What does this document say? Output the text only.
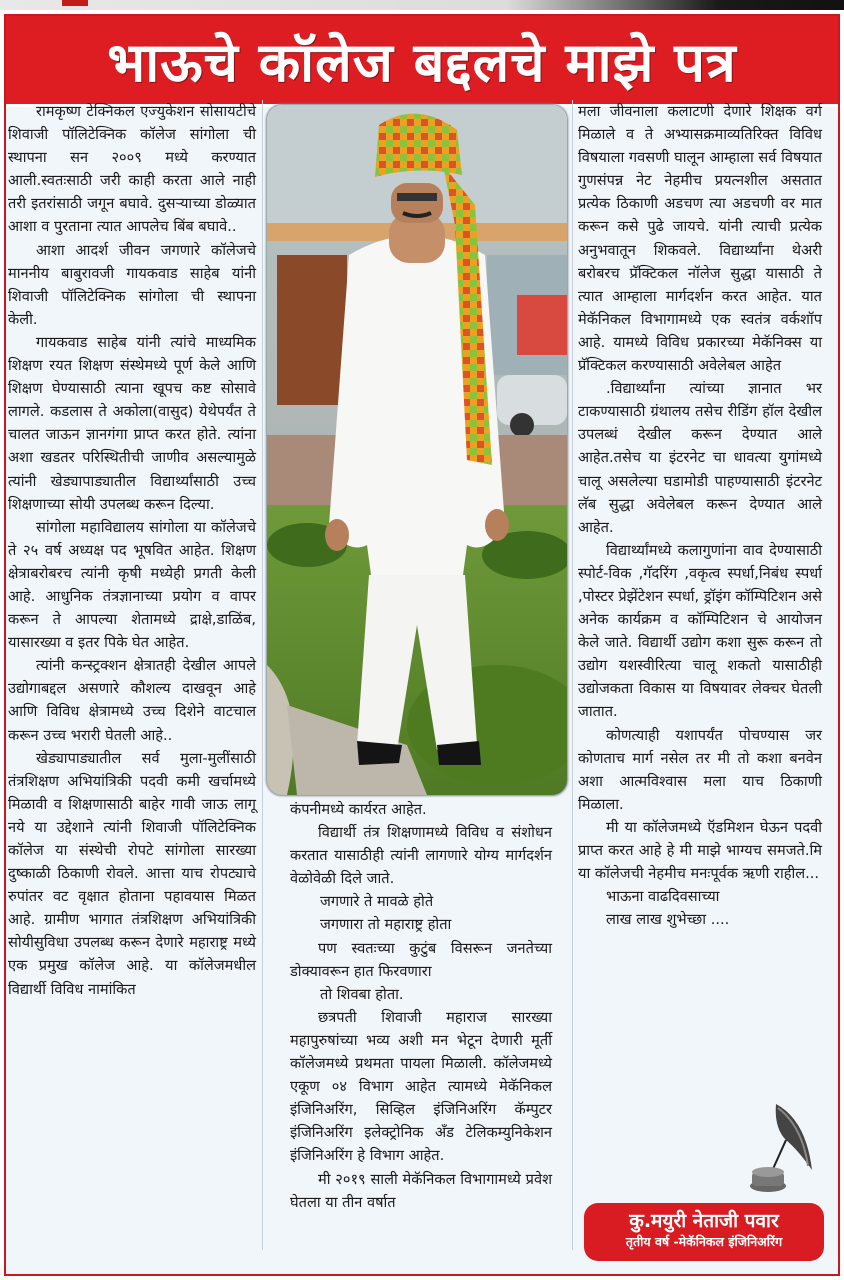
भाऊचे कॉलेज बद्दलचे माझे पत्र

रामकृष्ण टेक्निकल एज्युकेशन सोसायटीचे शिवाजी पॉलिटेक्निक कॉलेज सांगोला ची स्थापना सन २००९ मध्ये करण्यात आली.स्वतःसाठी जरी काही करता आले नाही तरी इतरांसाठी जगून बघावे. दुसऱ्याच्या डोळ्यात आशा व पुरताना त्यात आपलेच बिंब बघावे..

आशा आदर्श जीवन जगणारे कॉलेजचे माननीय बाबुरावजी गायकवाड साहेब यांनी शिवाजी पॉलिटेक्निक सांगोला ची स्थापना केली.

गायकवाड साहेब यांनी त्यांचे माध्यमिक शिक्षण रयत शिक्षण संस्थेमध्ये पूर्ण केले आणि शिक्षण घेण्यासाठी त्याना खूपच कष्ट सोसावे लागले. कडलास ते अकोला(वासुद) येथेपर्यंत ते चालत जाऊन ज्ञानगंगा प्राप्त करत होते. त्यांना अशा खडतर परिस्थितीची जाणीव असल्यामुळे त्यांनी खेड्यापाड्यातील विद्यार्थ्यांसाठी उच्च शिक्षणाच्या सोयी उपलब्ध करून दिल्या.

सांगोला महाविद्यालय सांगोला या कॉलेजचे ते २५ वर्ष अध्यक्ष पद भूषवित आहेत. शिक्षण क्षेत्राबरोबरच त्यांनी कृषी मध्येही प्रगती केली आहे. आधुनिक तंत्रज्ञानाच्या प्रयोग व वापर करून ते आपल्या शेतामध्ये द्राक्षे,डाळिंब, यासारख्या व इतर पिके घेत आहेत.

त्यांनी कन्स्ट्रक्शन क्षेत्रातही देखील आपले उद्योगाबद्दल असणारे कौशल्य दाखवून आहे आणि विविध क्षेत्रामध्ये उच्च दिशेने वाटचाल करून उच्च भरारी घेतली आहे..

खेड्यापाड्यातील सर्व मुला-मुलींसाठी तंत्रशिक्षण अभियांत्रिकी पदवी कमी खर्चामध्ये मिळावी व शिक्षणासाठी बाहेर गावी जाऊ लागू नये या उद्देशाने त्यांनी शिवाजी पॉलिटेक्निक कॉलेज या संस्थेची रोपटे सांगोला सारख्या दुष्काळी ठिकाणी रोवले. आत्ता याच रोपट्याचे रुपांतर वट वृक्षात होताना पहावयास मिळत आहे. ग्रामीण भागात तंत्रशिक्षण अभियांत्रिकी सोयीसुविधा उपलब्ध करून देणारे महाराष्ट्र मध्ये एक प्रमुख कॉलेज आहे. या कॉलेजमधील विद्यार्थी विविध नामांकित

कंपनीमध्ये कार्यरत आहेत.

विद्यार्थी तंत्र शिक्षणामध्ये विविध व संशोधन करतात यासाठीही त्यांनी लागणारे योग्य मार्गदर्शन वेळोवेळी दिले जाते.

जगणारे ते मावळे होते

जगणारा तो महाराष्ट्र होता

पण स्वतःच्या कुटुंब विसरून जनतेच्या डोक्यावरून हात फिरवणारा

तो शिवबा होता.

छत्रपती शिवाजी महाराज सारख्या महापुरुषांच्या भव्य अशी मन भेटून देणारी मूर्ती कॉलेजमध्ये प्रथमता पायला मिळाली. कॉलेजमध्ये एकूण ०४ विभाग आहेत त्यामध्ये मेकॅनिकल इंजिनिअरिंग, सिव्हिल इंजिनिअरिंग कॅम्पुटर इंजिनिअरिंग इलेक्ट्रोनिक अँड टेलिकम्युनिकेशन इंजिनिअरिंग हे विभाग आहेत.

मी २०१९ साली मेकॅनिकल विभागामध्ये प्रवेश घेतला या तीन वर्षात

मला जीवनाला कलाटणी देणारे शिक्षक वर्ग मिळाले व ते अभ्यासक्रमाव्यतिरिक्त विविध विषयाला गवसणी घालून आम्हाला सर्व विषयात गुणसंपन्न नेट नेहमीच प्रयत्नशील असतात प्रत्येक ठिकाणी अडचण त्या अडचणी वर मात करून कसे पुढे जायचे. यांनी त्याची प्रत्येक अनुभवातून शिकवले. विद्यार्थ्यांना थेअरी बरोबरच प्रॅक्टिकल नॉलेज सुद्धा यासाठी ते त्यात आम्हाला मार्गदर्शन करत आहेत. यात मेकॅनिकल विभागामध्ये एक स्वतंत्र वर्कशॉप आहे. यामध्ये विविध प्रकारच्या मेकॅनिक्स या प्रॅक्टिकल करण्यासाठी अवेलेबल आहेत

.विद्यार्थ्यांना त्यांच्या ज्ञानात भर टाकण्यासाठी ग्रंथालय तसेच रीडिंग हॉल देखील उपलब्धं देखील करून देण्यात आले आहेत.तसेच या इंटरनेट चा धावत्या युगांमध्ये चालू असलेल्या घडामोडी पाहण्यासाठी इंटरनेट लॅब सुद्धा अवेलेबल करून देण्यात आले आहेत.

विद्यार्थ्यांमध्ये कलागुणांना वाव देण्यासाठी स्पोर्ट-विक ,गॅदरिंग ,वकृत्व स्पर्धा,निबंध स्पर्धा ,पोस्टर प्रेझेंटेशन स्पर्धा, ड्रॉइंग कॉम्पिटिशन असे अनेक कार्यक्रम व कॉम्पिटिशन चे आयोजन केले जाते. विद्यार्थी उद्योग कशा सुरू करून तो उद्योग यशस्वीरित्या चालू शकतो यासाठीही उद्योजकता विकास या विषयावर लेक्चर घेतली जातात.

कोणत्याही यशापर्यंत पोचण्यास जर कोणताच मार्ग नसेल तर मी तो कशा बनवेन अशा आत्मविश्वास मला याच ठिकाणी मिळाला.

मी या कॉलेजमध्ये ऍडमिशन घेऊन पदवी प्राप्त करत आहे हे मी माझे भाग्यच समजते.मि या कॉलेजची नेहमीच मनःपूर्वक ऋणी राहील...

भाऊना वाढदिवसाच्या

लाख लाख शुभेच्छा ....

कु.मयुरी नेताजी पवार
तृतीय वर्ष -मेकॅनिकल इंजिनिअरिंग
